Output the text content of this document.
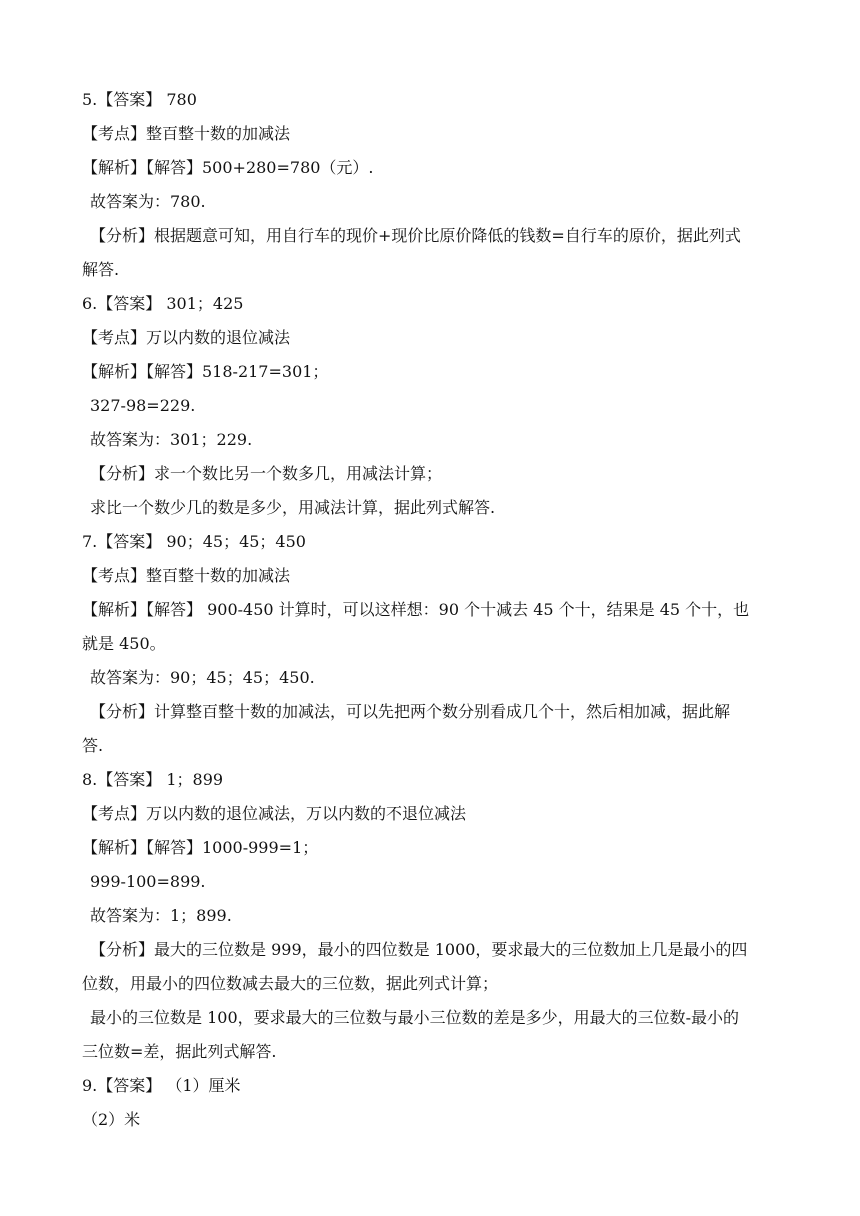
5.【答案】 780
【考点】整百整十数的加减法
【解析】【解答】500+280=780（元）.
故答案为：780.
【分析】根据题意可知，用自行车的现价+现价比原价降低的钱数=自行车的原价，据此列式
解答.
6.【答案】 301；425
【考点】万以内数的退位减法
【解析】【解答】518-217=301；
327-98=229.
故答案为：301；229.
【分析】求一个数比另一个数多几，用减法计算；
求比一个数少几的数是多少，用减法计算，据此列式解答.
7.【答案】 90；45；45；450
【考点】整百整十数的加减法
【解析】【解答】 900-450 计算时，可以这样想：90 个十减去 45 个十，结果是 45 个十，也
就是 450。
故答案为：90；45；45；450.
【分析】计算整百整十数的加减法，可以先把两个数分别看成几个十，然后相加减，据此解
答.
8.【答案】 1；899
【考点】万以内数的退位减法，万以内数的不退位减法
【解析】【解答】1000-999=1；
999-100=899.
故答案为：1；899.
【分析】最大的三位数是 999，最小的四位数是 1000，要求最大的三位数加上几是最小的四
位数，用最小的四位数减去最大的三位数，据此列式计算；
最小的三位数是 100，要求最大的三位数与最小三位数的差是多少，用最大的三位数-最小的
三位数=差，据此列式解答.
9.【答案】 （1）厘米
（2）米
